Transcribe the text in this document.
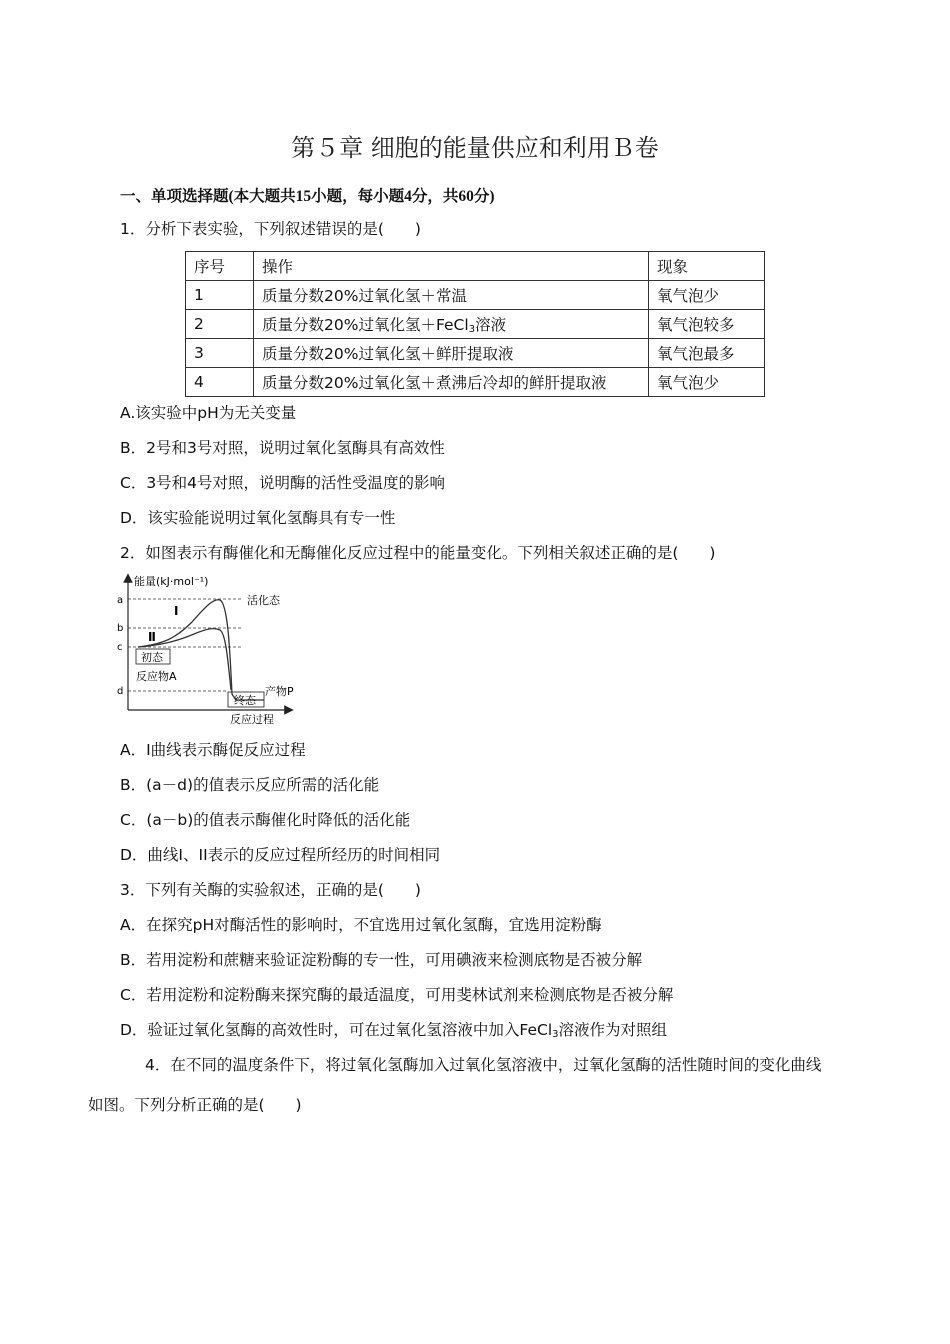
第５章 细胞的能量供应和利用Ｂ卷
一、单项选择题(本大题共15小题，每小题4分，共60分)
1．分析下表实验，下列叙述错误的是(　　)
序号	操作	现象
1	质量分数20%过氧化氢＋常温	氧气泡少
2	质量分数20%过氧化氢＋FeCl$_3$溶液	氧气泡较多
3	质量分数20%过氧化氢＋鲜肝提取液	氧气泡最多
4	质量分数20%过氧化氢＋煮沸后冷却的鲜肝提取液	氧气泡少
A.该实验中pH为无关变量
B．2号和3号对照，说明过氧化氢酶具有高效性
C．3号和4号对照，说明酶的活性受温度的影响
D．该实验能说明过氧化氢酶具有专一性
2．如图表示有酶催化和无酶催化反应过程中的能量变化。下列相关叙述正确的是(　　)
能量(kJ·mol⁻¹)
反应过程
a
b
c
d
Ⅰ
Ⅱ
活化态
初态
反应物A
终态
产物P
A．I曲线表示酶促反应过程
B．(a－d)的值表示反应所需的活化能
C．(a－b)的值表示酶催化时降低的活化能
D．曲线I、II表示的反应过程所经历的时间相同
3．下列有关酶的实验叙述，正确的是(　　)
A．在探究pH对酶活性的影响时，不宜选用过氧化氢酶，宜选用淀粉酶
B．若用淀粉和蔗糖来验证淀粉酶的专一性，可用碘液来检测底物是否被分解
C．若用淀粉和淀粉酶来探究酶的最适温度，可用斐林试剂来检测底物是否被分解
D．验证过氧化氢酶的高效性时，可在过氧化氢溶液中加入FeCl$_3$溶液作为对照组
4．在不同的温度条件下，将过氧化氢酶加入过氧化氢溶液中，过氧化氢酶的活性随时间的变化曲线
如图。下列分析正确的是(　　)
